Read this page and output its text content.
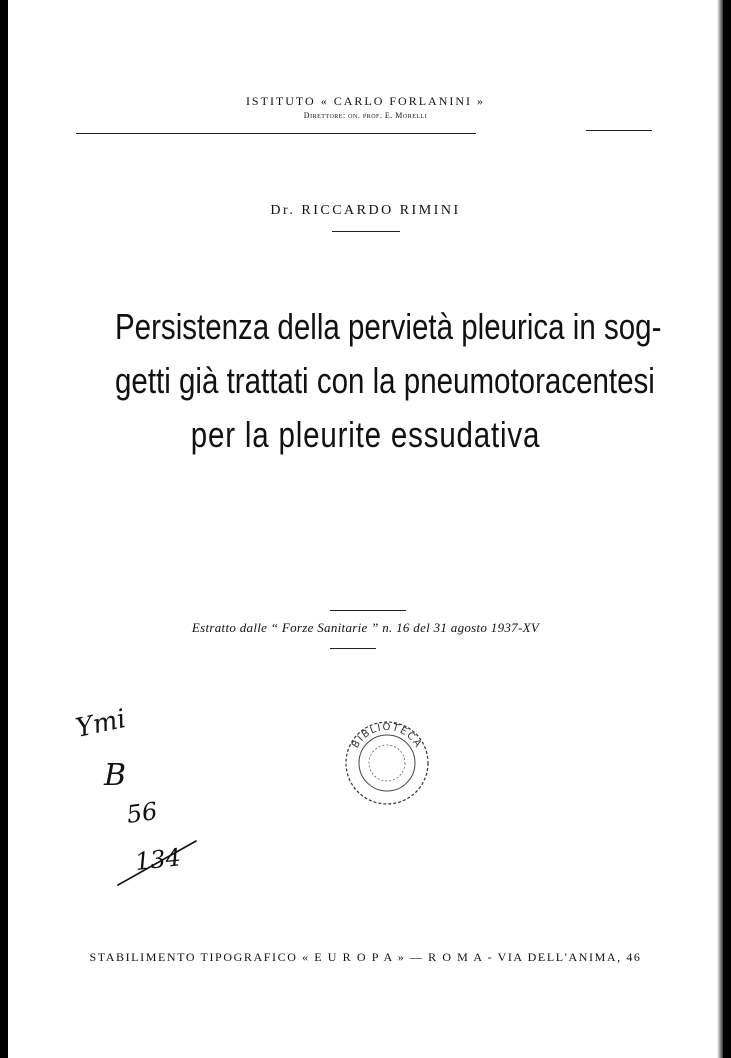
ISTITUTO « CARLO FORLANINI »
Direttore: on. prof. E. Morelli
Dr. RICCARDO RIMINI
Persistenza della pervietà pleurica in sog-
getti già trattati con la pneumotoracentesi
per la pleurite essudativa
Estratto dalle “ Forze Sanitarie ” n. 16 del 31 agosto 1937-XV
Ymi
B
56
134
BIBLIOTECA
STABILIMENTO TIPOGRAFICO « E U R O P A » — R O M A - VIA DELL'ANIMA, 46
